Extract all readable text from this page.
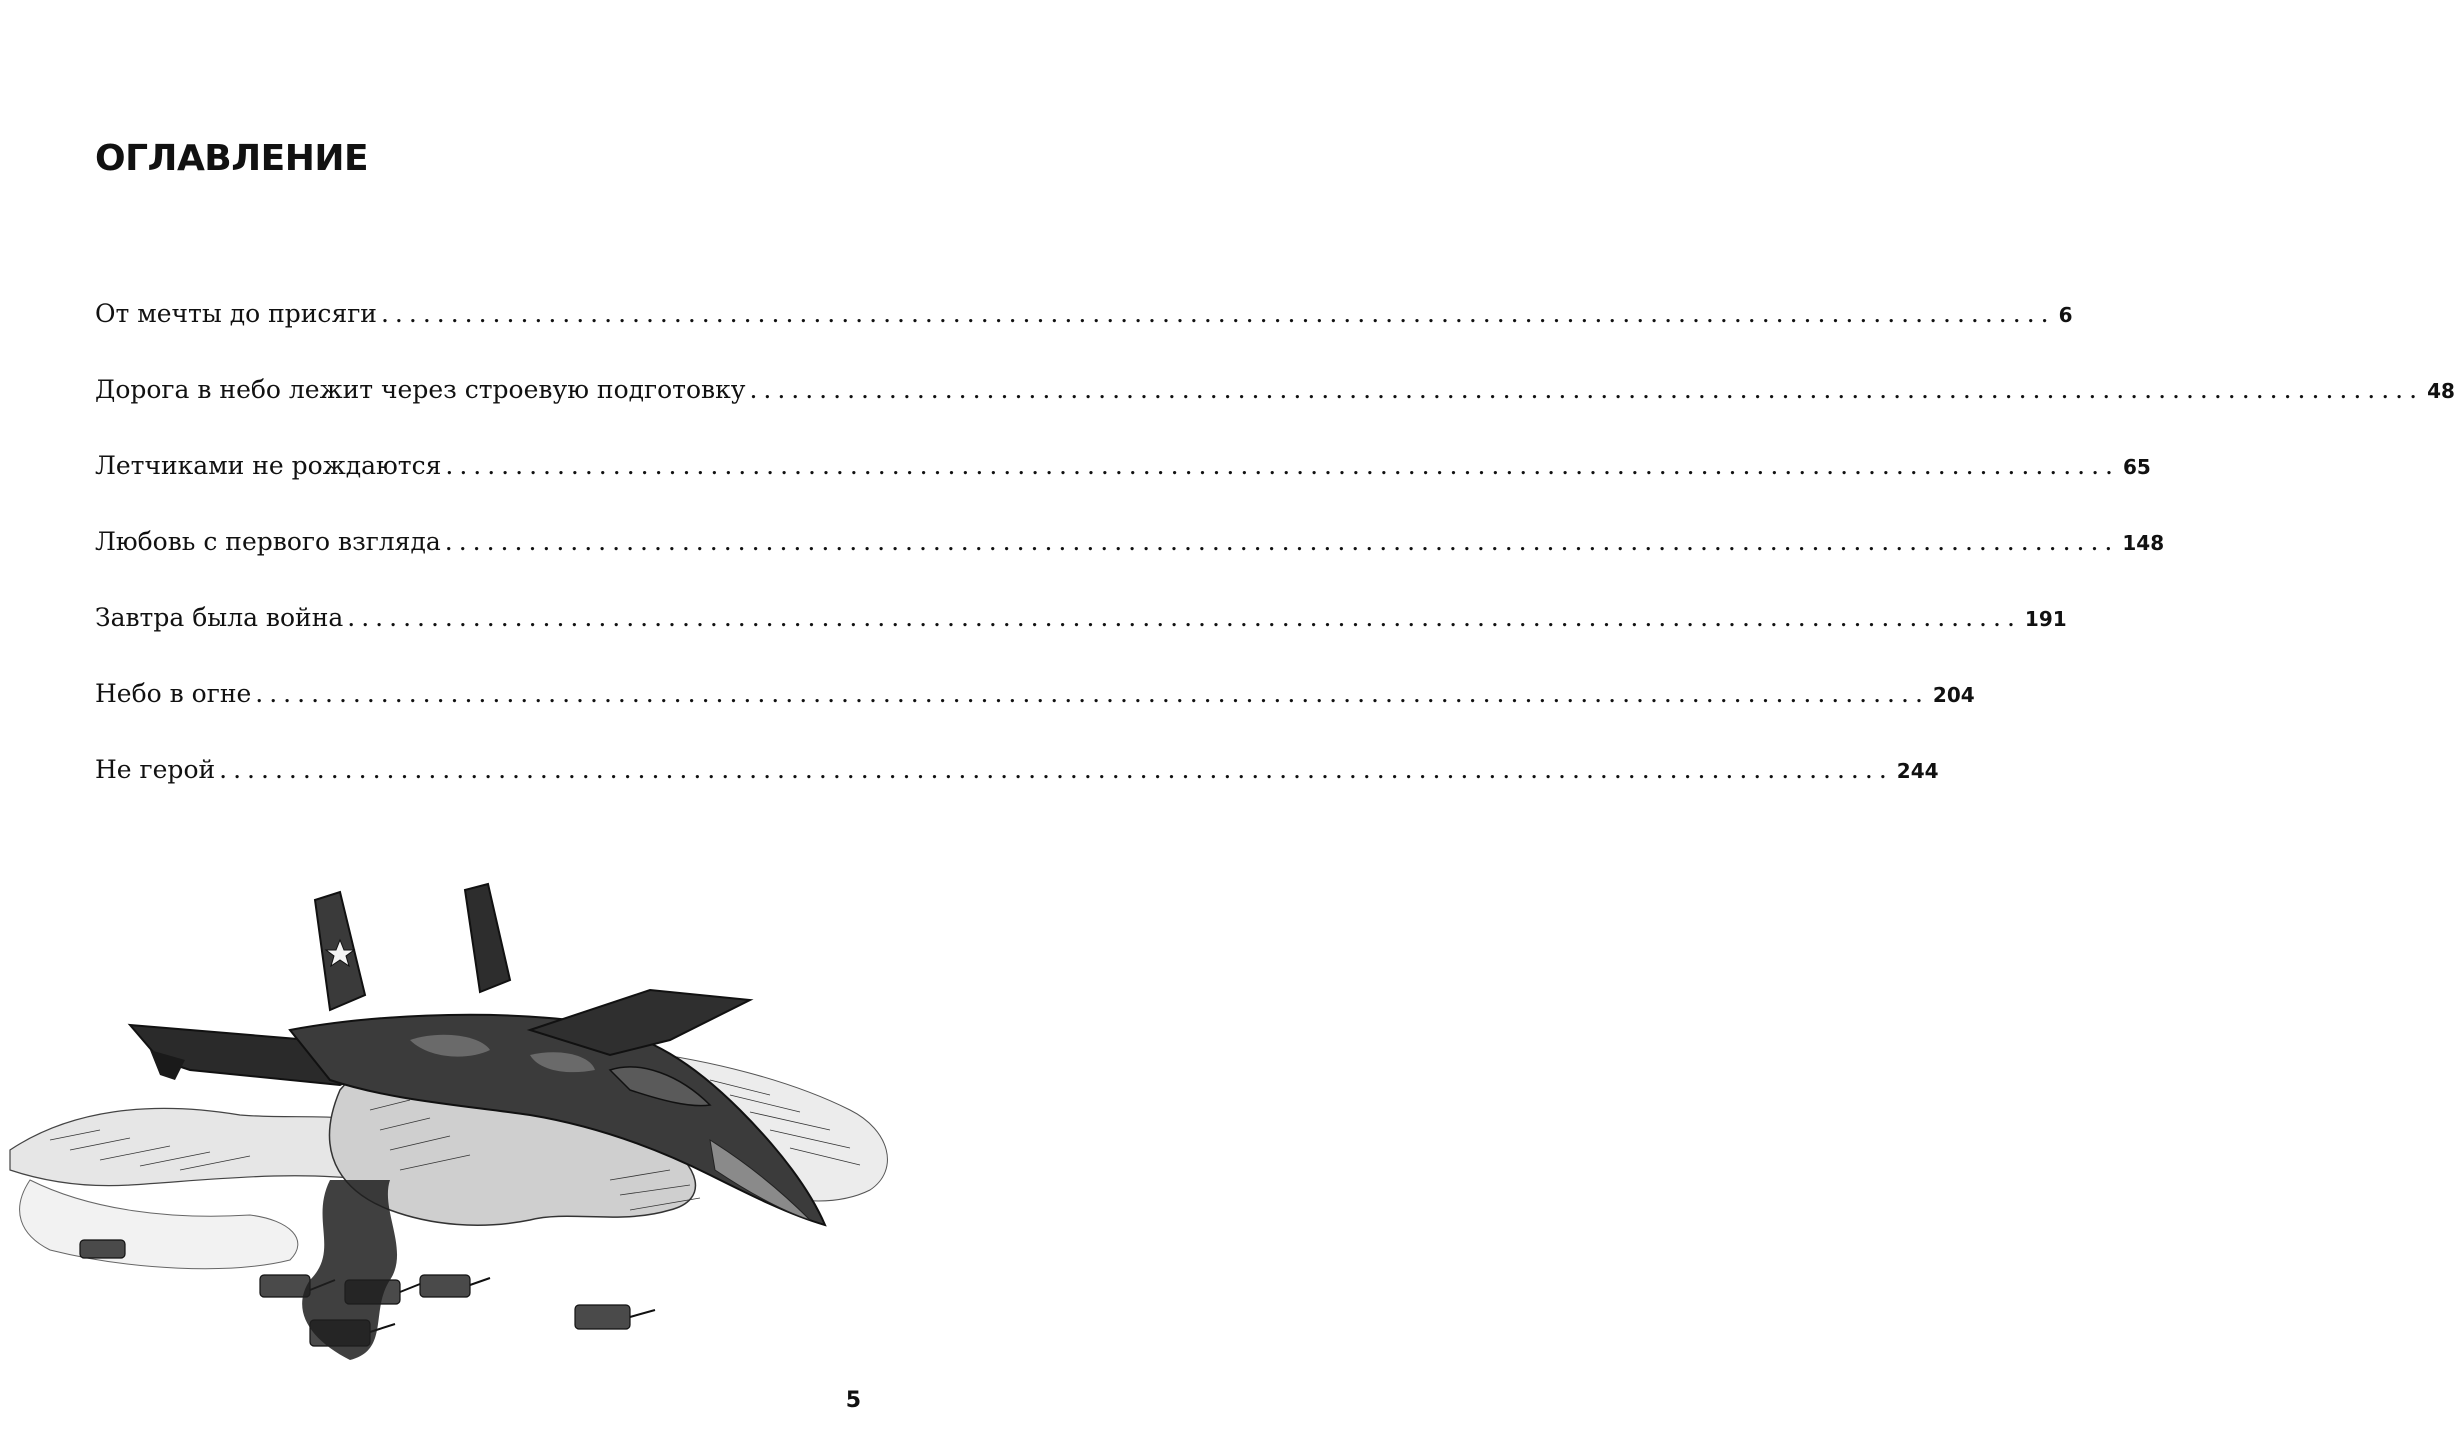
ОГЛАВЛЕНИЕ
От мечты до присяги ........................................................................................................................ 6
Дорога в небо лежит через строевую подготовку ........................................................................................................................ 48
Летчиками не рождаются ........................................................................................................................ 65
Любовь с первого взгляда ........................................................................................................................ 148
Завтра была война ........................................................................................................................ 191
Небо в огне ........................................................................................................................ 204
Не герой ........................................................................................................................ 244
5
